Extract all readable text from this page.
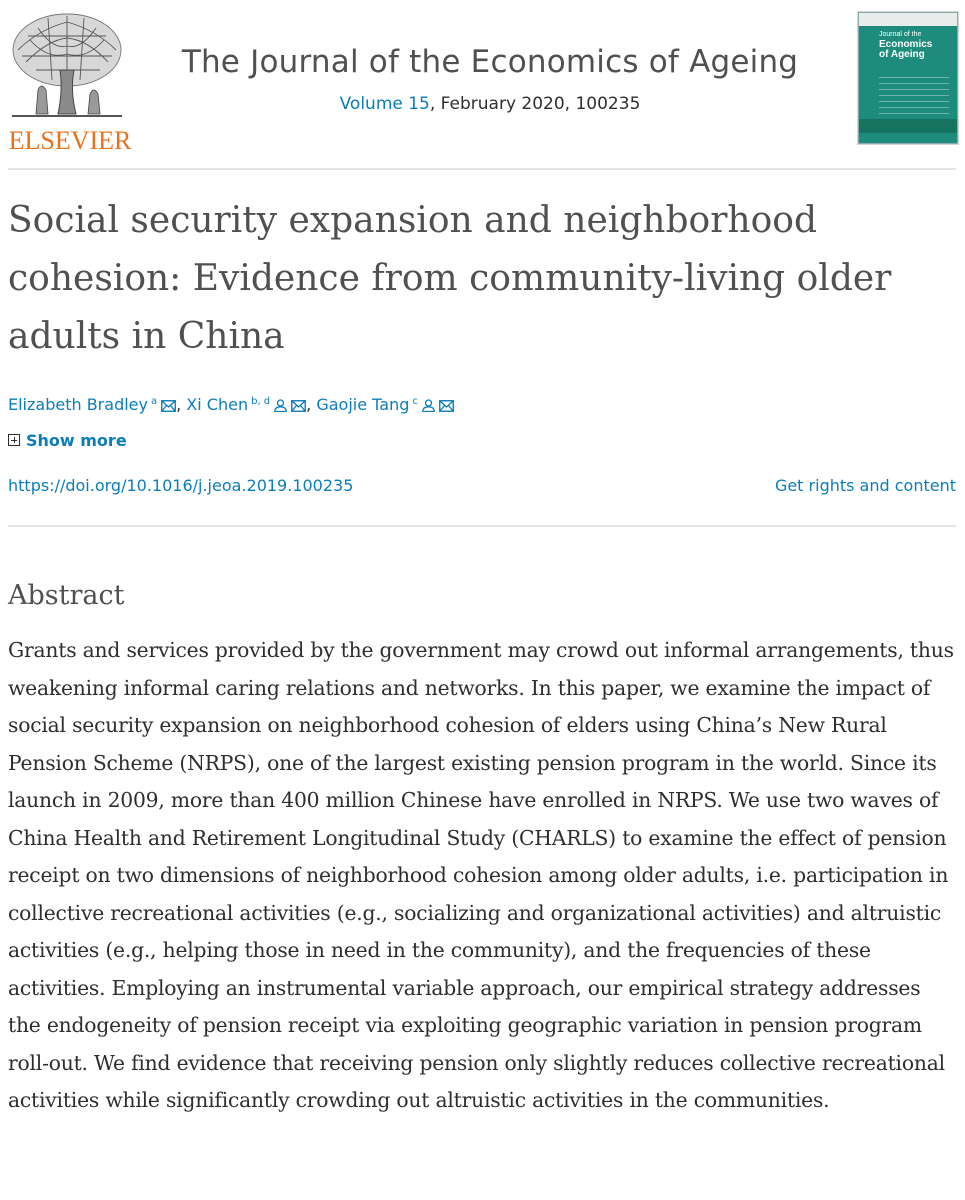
ELSEVIER
The Journal of the Economics of Ageing
Volume 15, February 2020, 100235
Journal of the
Economics
of Ageing
Social security expansion and neighborhood cohesion: Evidence from community-living older adults in China
Elizabeth Bradley $^a$ , Xi Chen $^{b, d}$ , Gaojie Tang $^c$
Show more
https://doi.org/10.1016/j.jeoa.2019.100235	Get rights and content
Abstract

Grants and services provided by the government may crowd out informal arrangements, thus weakening informal caring relations and networks. In this paper, we examine the impact of social security expansion on neighborhood cohesion of elders using China’s New Rural Pension Scheme (NRPS), one of the largest existing pension program in the world. Since its launch in 2009, more than 400 million Chinese have enrolled in NRPS. We use two waves of China Health and Retirement Longitudinal Study (CHARLS) to examine the effect of pension receipt on two dimensions of neighborhood cohesion among older adults, i.e. participation in collective recreational activities (e.g., socializing and organizational activities) and altruistic activities (e.g., helping those in need in the community), and the frequencies of these activities. Employing an instrumental variable approach, our empirical strategy addresses the endogeneity of pension receipt via exploiting geographic variation in pension program roll-out. We find evidence that receiving pension only slightly reduces collective recreational activities while significantly crowding out altruistic activities in the communities.
